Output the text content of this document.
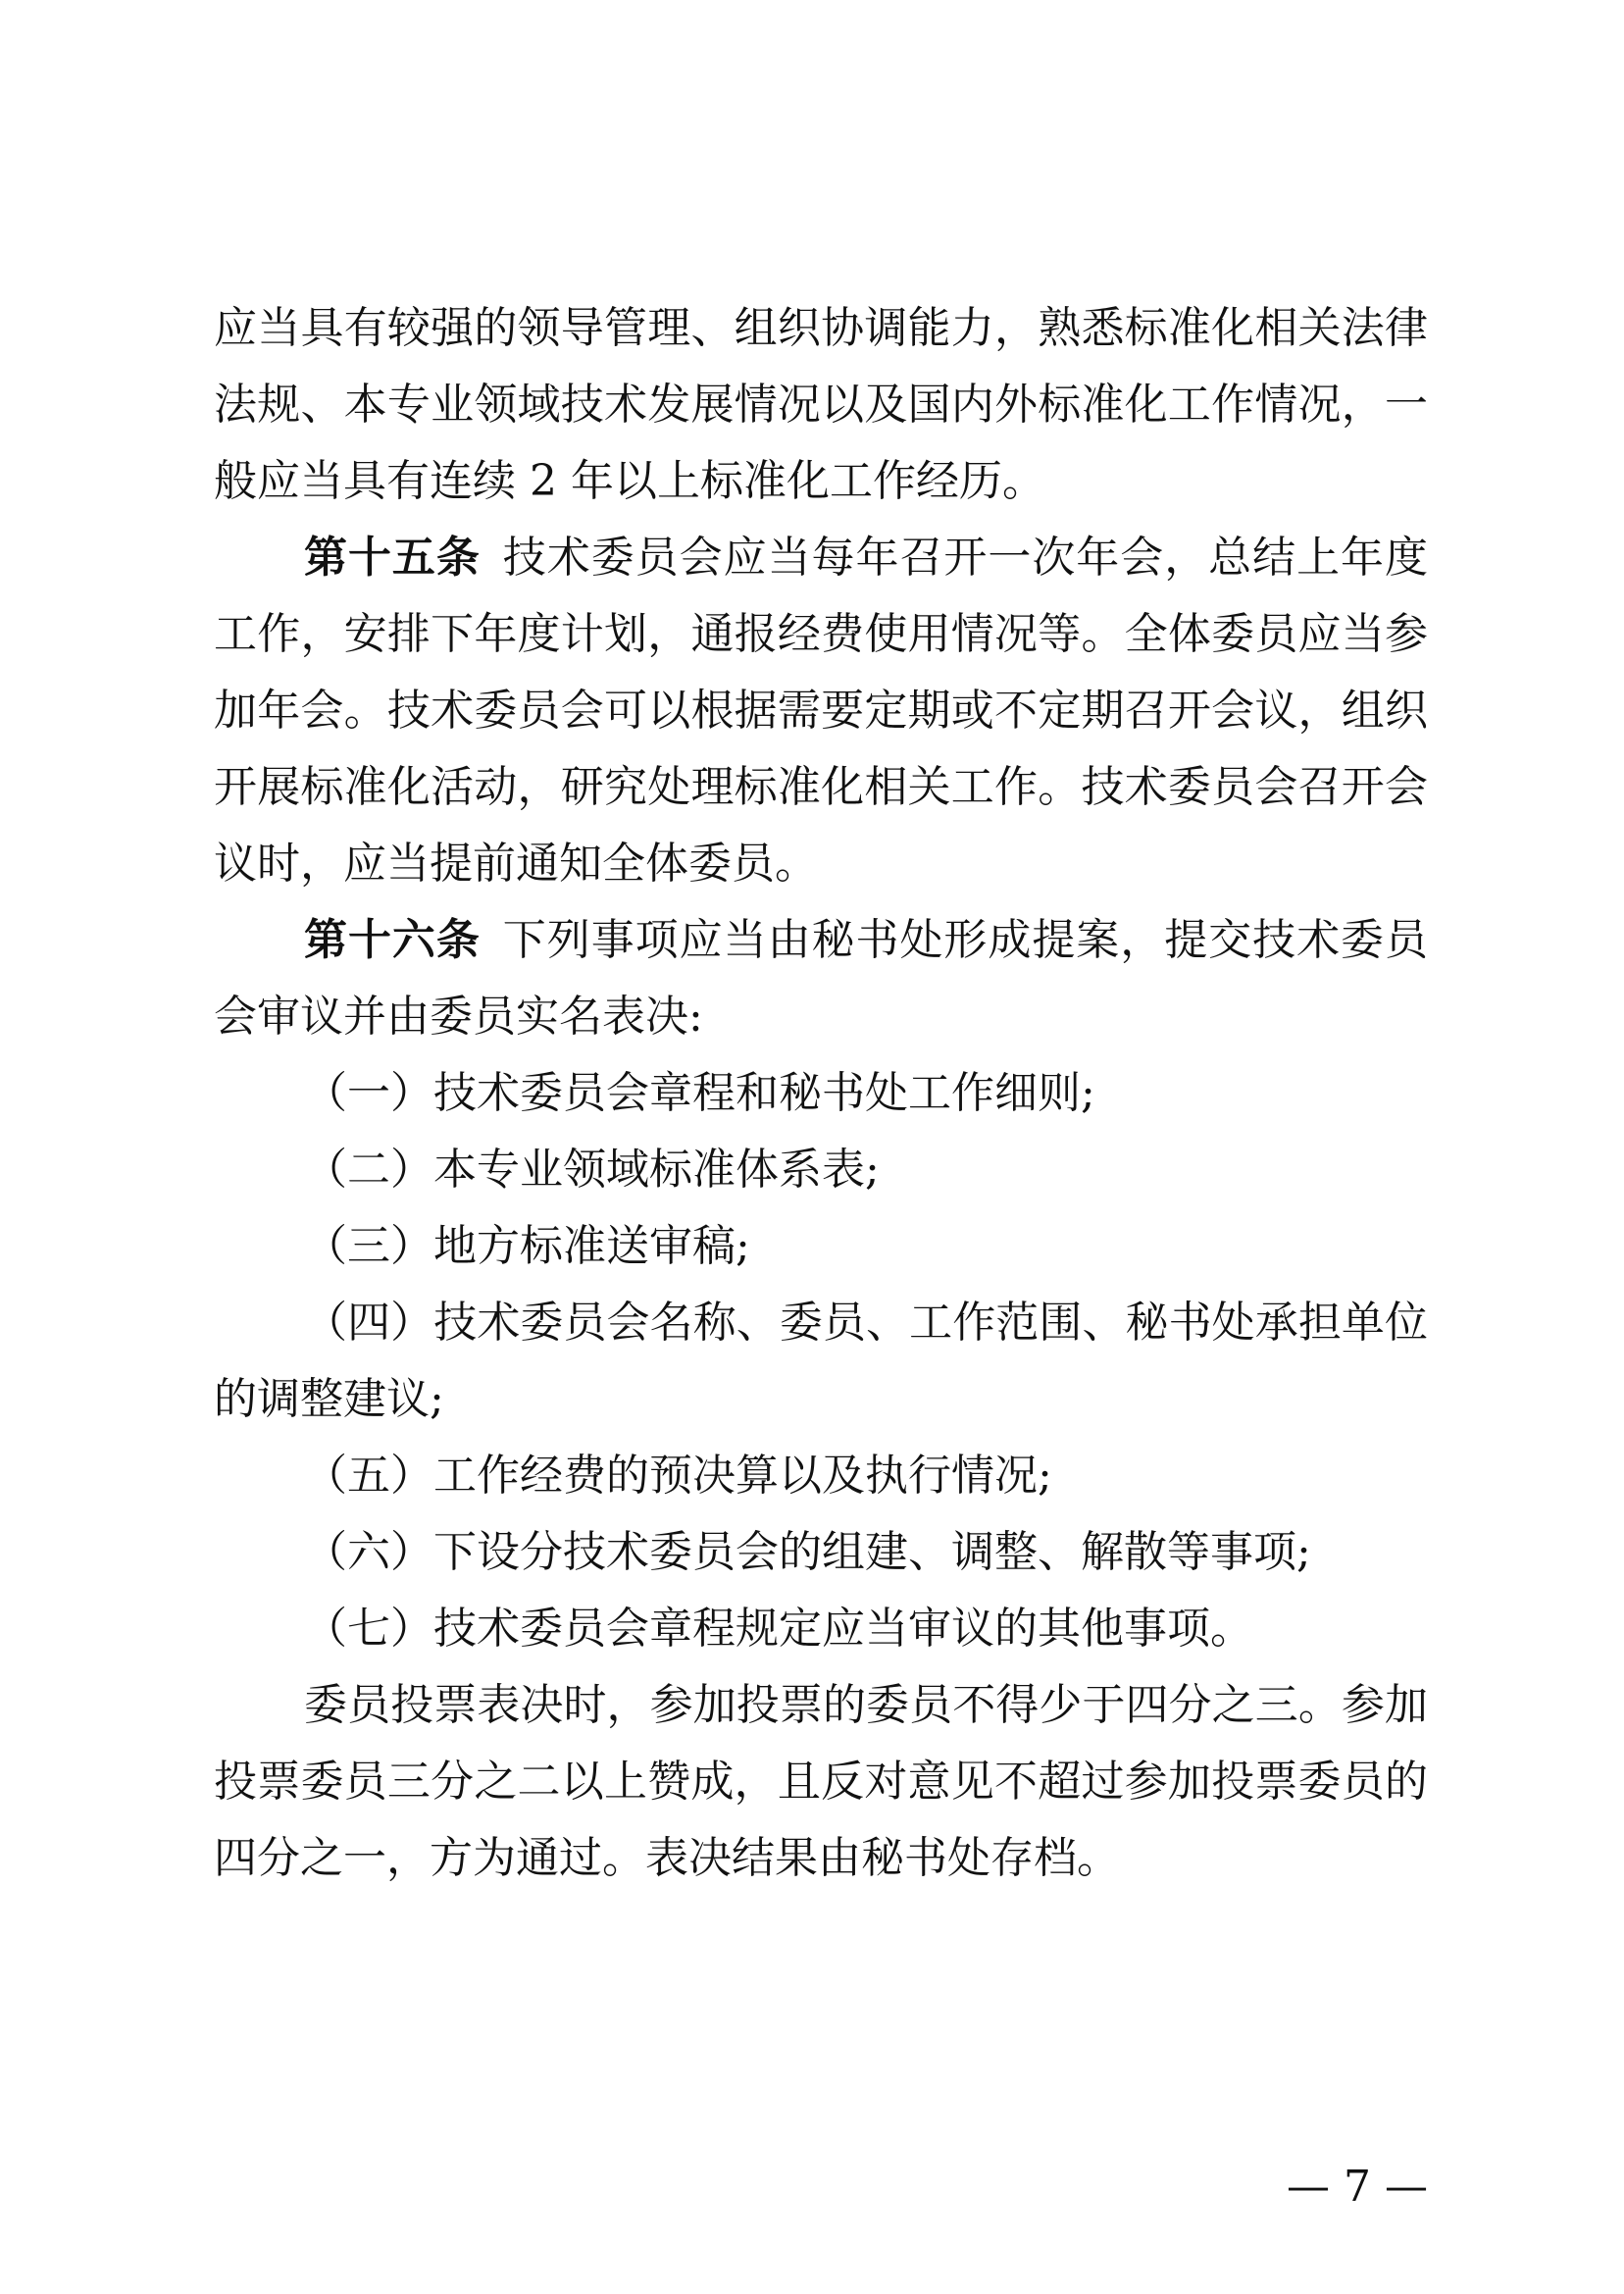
应当具有较强的领导管理、组织协调能力，熟悉标准化相关法律
法规、本专业领域技术发展情况以及国内外标准化工作情况，一
般应当具有连续 2 年以上标准化工作经历。
第十五条 技术委员会应当每年召开一次年会，总结上年度
工作，安排下年度计划，通报经费使用情况等。全体委员应当参
加年会。技术委员会可以根据需要定期或不定期召开会议，组织
开展标准化活动，研究处理标准化相关工作。技术委员会召开会
议时，应当提前通知全体委员。
第十六条 下列事项应当由秘书处形成提案，提交技术委员
会审议并由委员实名表决:
（一）技术委员会章程和秘书处工作细则;
（二）本专业领域标准体系表;
（三）地方标准送审稿;
（四）技术委员会名称、委员、工作范围、秘书处承担单位
的调整建议;
（五）工作经费的预决算以及执行情况;
（六）下设分技术委员会的组建、调整、解散等事项;
（七）技术委员会章程规定应当审议的其他事项。
委员投票表决时，参加投票的委员不得少于四分之三。参加
投票委员三分之二以上赞成，且反对意见不超过参加投票委员的
四分之一，方为通过。表决结果由秘书处存档。
— 7 —
